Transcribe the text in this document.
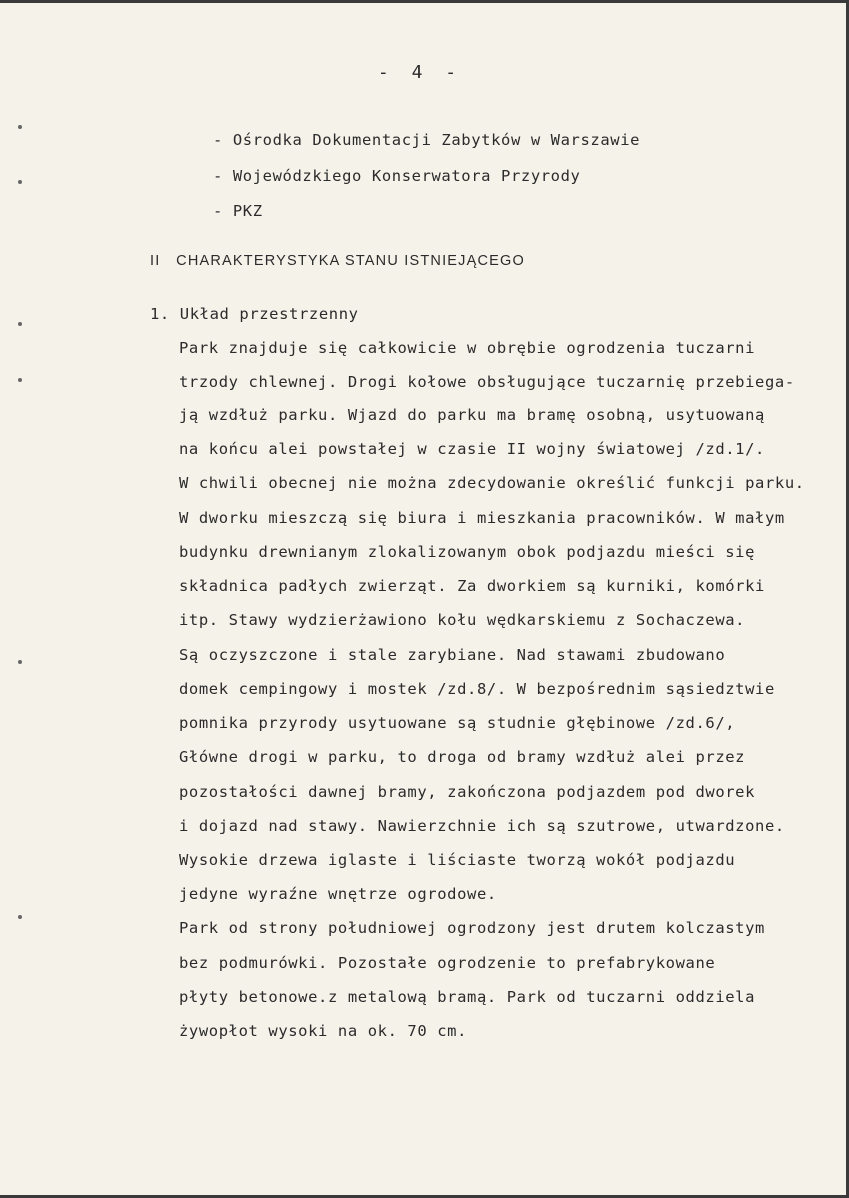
- 4 -
- Ośrodka Dokumentacji Zabytków w Warszawie
- Wojewódzkiego Konserwatora Przyrody
- PKZ
II   CHARAKTERYSTYKA STANU ISTNIEJĄCEGO
1. Układ przestrzenny
Park znajduje się całkowicie w obrębie ogrodzenia tuczarni
trzody chlewnej. Drogi kołowe obsługujące tuczarnię przebiega-
ją wzdłuż parku. Wjazd do parku ma bramę osobną, usytuowaną
na końcu alei powstałej w czasie II wojny światowej /zd.1/.
W chwili obecnej nie można zdecydowanie określić funkcji parku.
W dworku mieszczą się biura i mieszkania pracowników. W małym
budynku drewnianym zlokalizowanym obok podjazdu mieści się
składnica padłych zwierząt. Za dworkiem są kurniki, komórki
itp. Stawy wydzierżawiono kołu wędkarskiemu z Sochaczewa.
Są oczyszczone i stale zarybiane. Nad stawami zbudowano
domek cempingowy i mostek /zd.8/. W bezpośrednim sąsiedztwie
pomnika przyrody usytuowane są studnie głębinowe /zd.6/,
Główne drogi w parku, to droga od bramy wzdłuż alei przez
pozostałości dawnej bramy, zakończona podjazdem pod dworek
i dojazd nad stawy. Nawierzchnie ich są szutrowe, utwardzone.
Wysokie drzewa iglaste i liściaste tworzą wokół podjazdu
jedyne wyraźne wnętrze ogrodowe.
Park od strony południowej ogrodzony jest drutem kolczastym
bez podmurówki. Pozostałe ogrodzenie to prefabrykowane
płyty betonowe.z metalową bramą. Park od tuczarni oddziela
żywopłot wysoki na ok. 70 cm.
